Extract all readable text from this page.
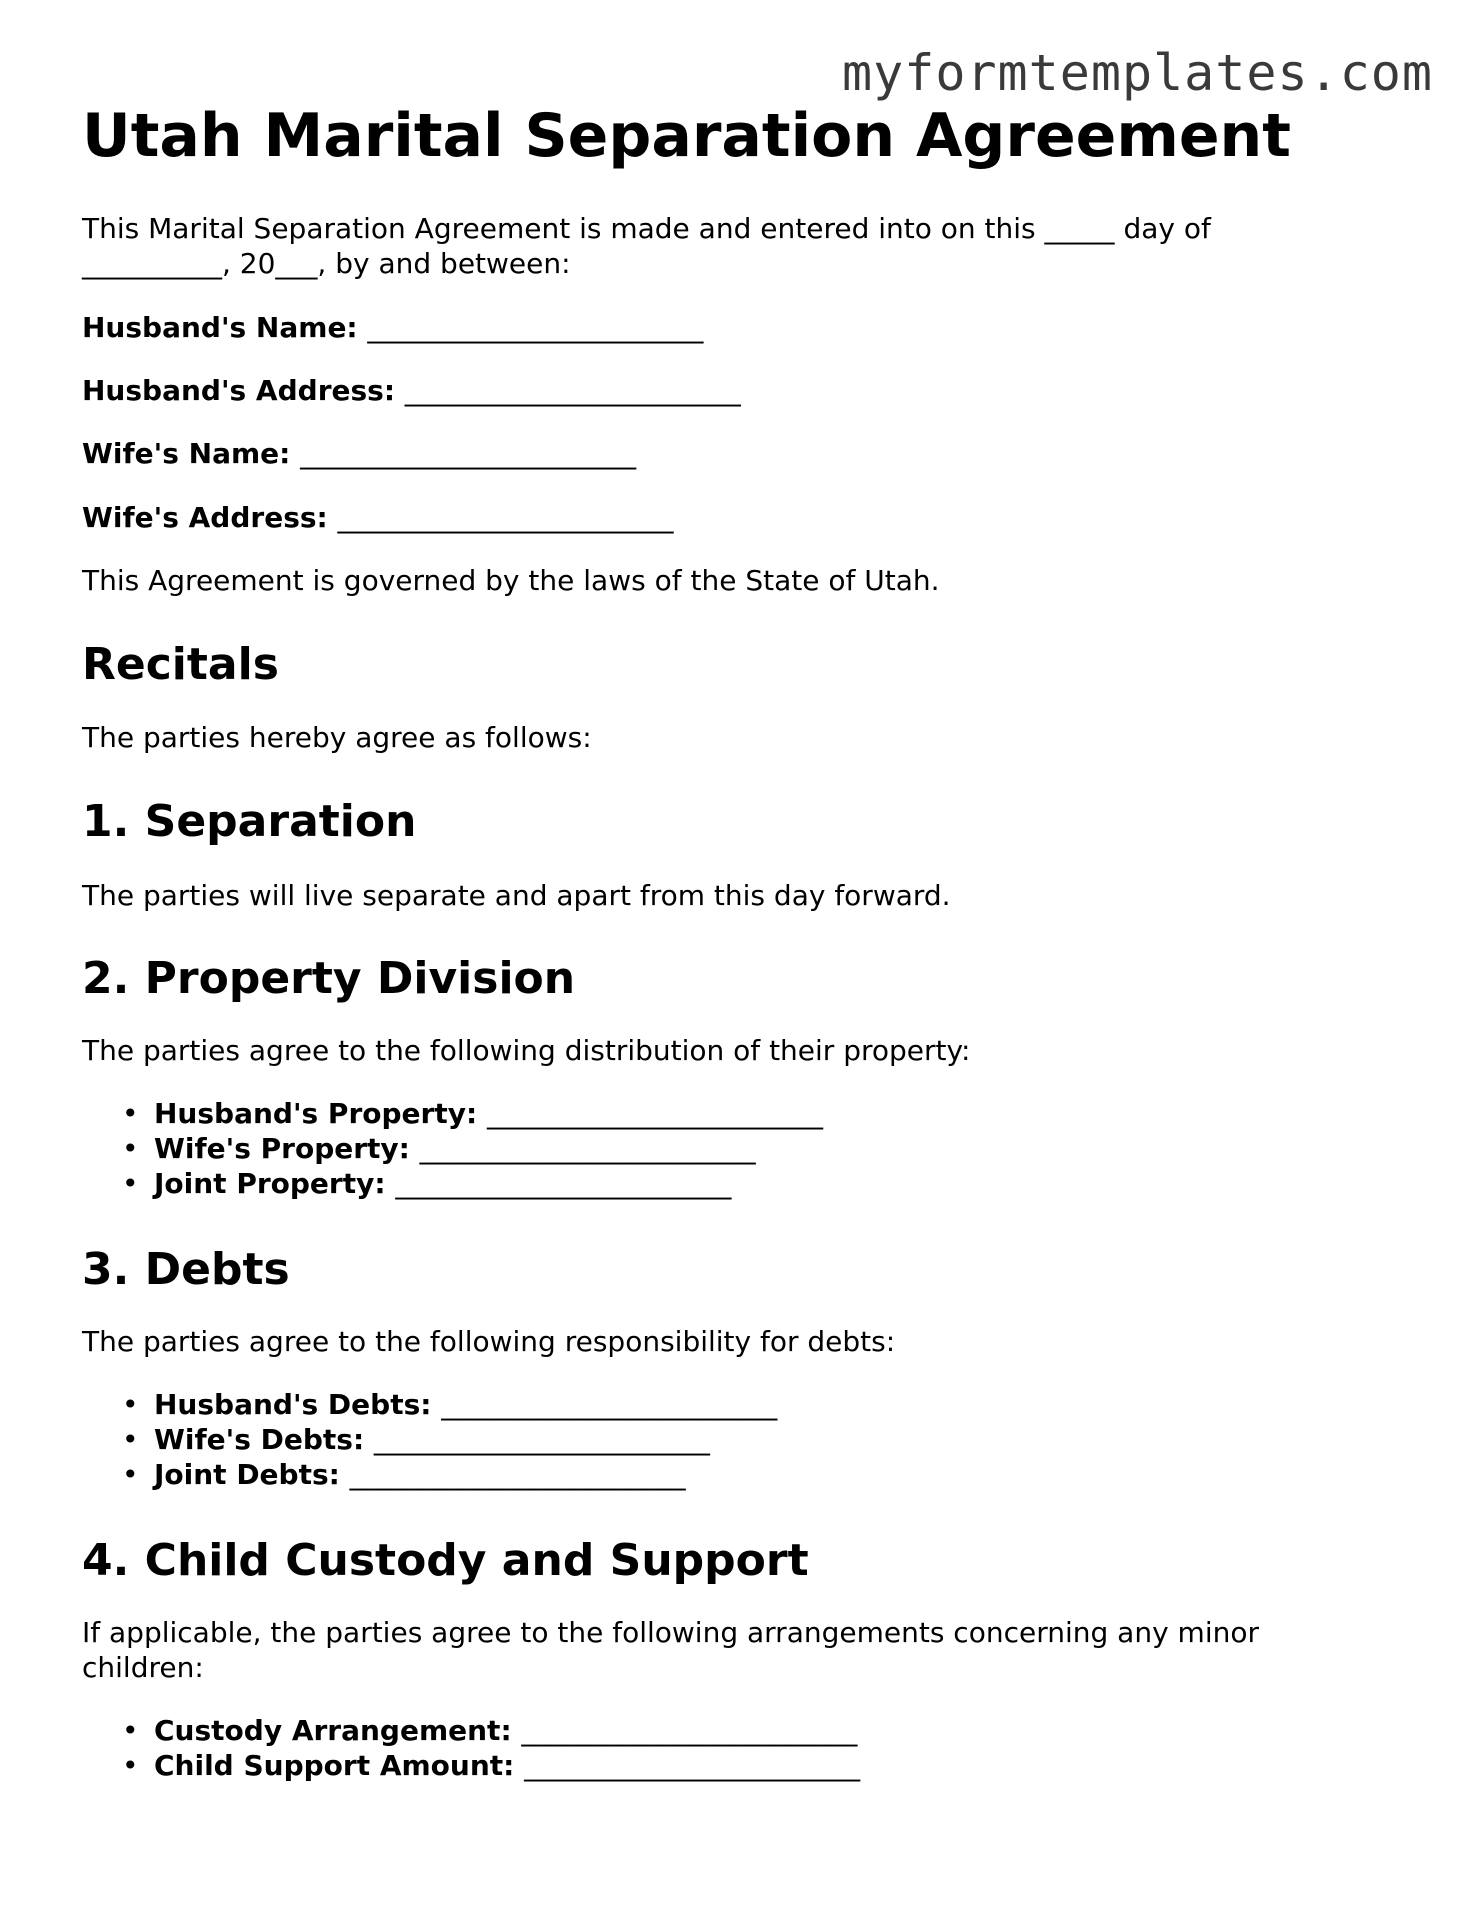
myformtemplates.com
Utah Marital Separation Agreement

This Marital Separation Agreement is made and entered into on this _____ day of __________, 20___, by and between:

Husband's Name: ________________________
Husband's Address: ________________________
Wife's Name: ________________________
Wife's Address: ________________________

This Agreement is governed by the laws of the State of Utah.

Recitals

The parties hereby agree as follows:

1. Separation

The parties will live separate and apart from this day forward.

2. Property Division

The parties agree to the following distribution of their property:

• Husband's Property: ________________________
• Wife's Property: ________________________
• Joint Property: ________________________
3. Debts

The parties agree to the following responsibility for debts:

• Husband's Debts: ________________________
• Wife's Debts: ________________________
• Joint Debts: ________________________
4. Child Custody and Support

If applicable, the parties agree to the following arrangements concerning any minor children:

• Custody Arrangement: ________________________
• Child Support Amount: ________________________
